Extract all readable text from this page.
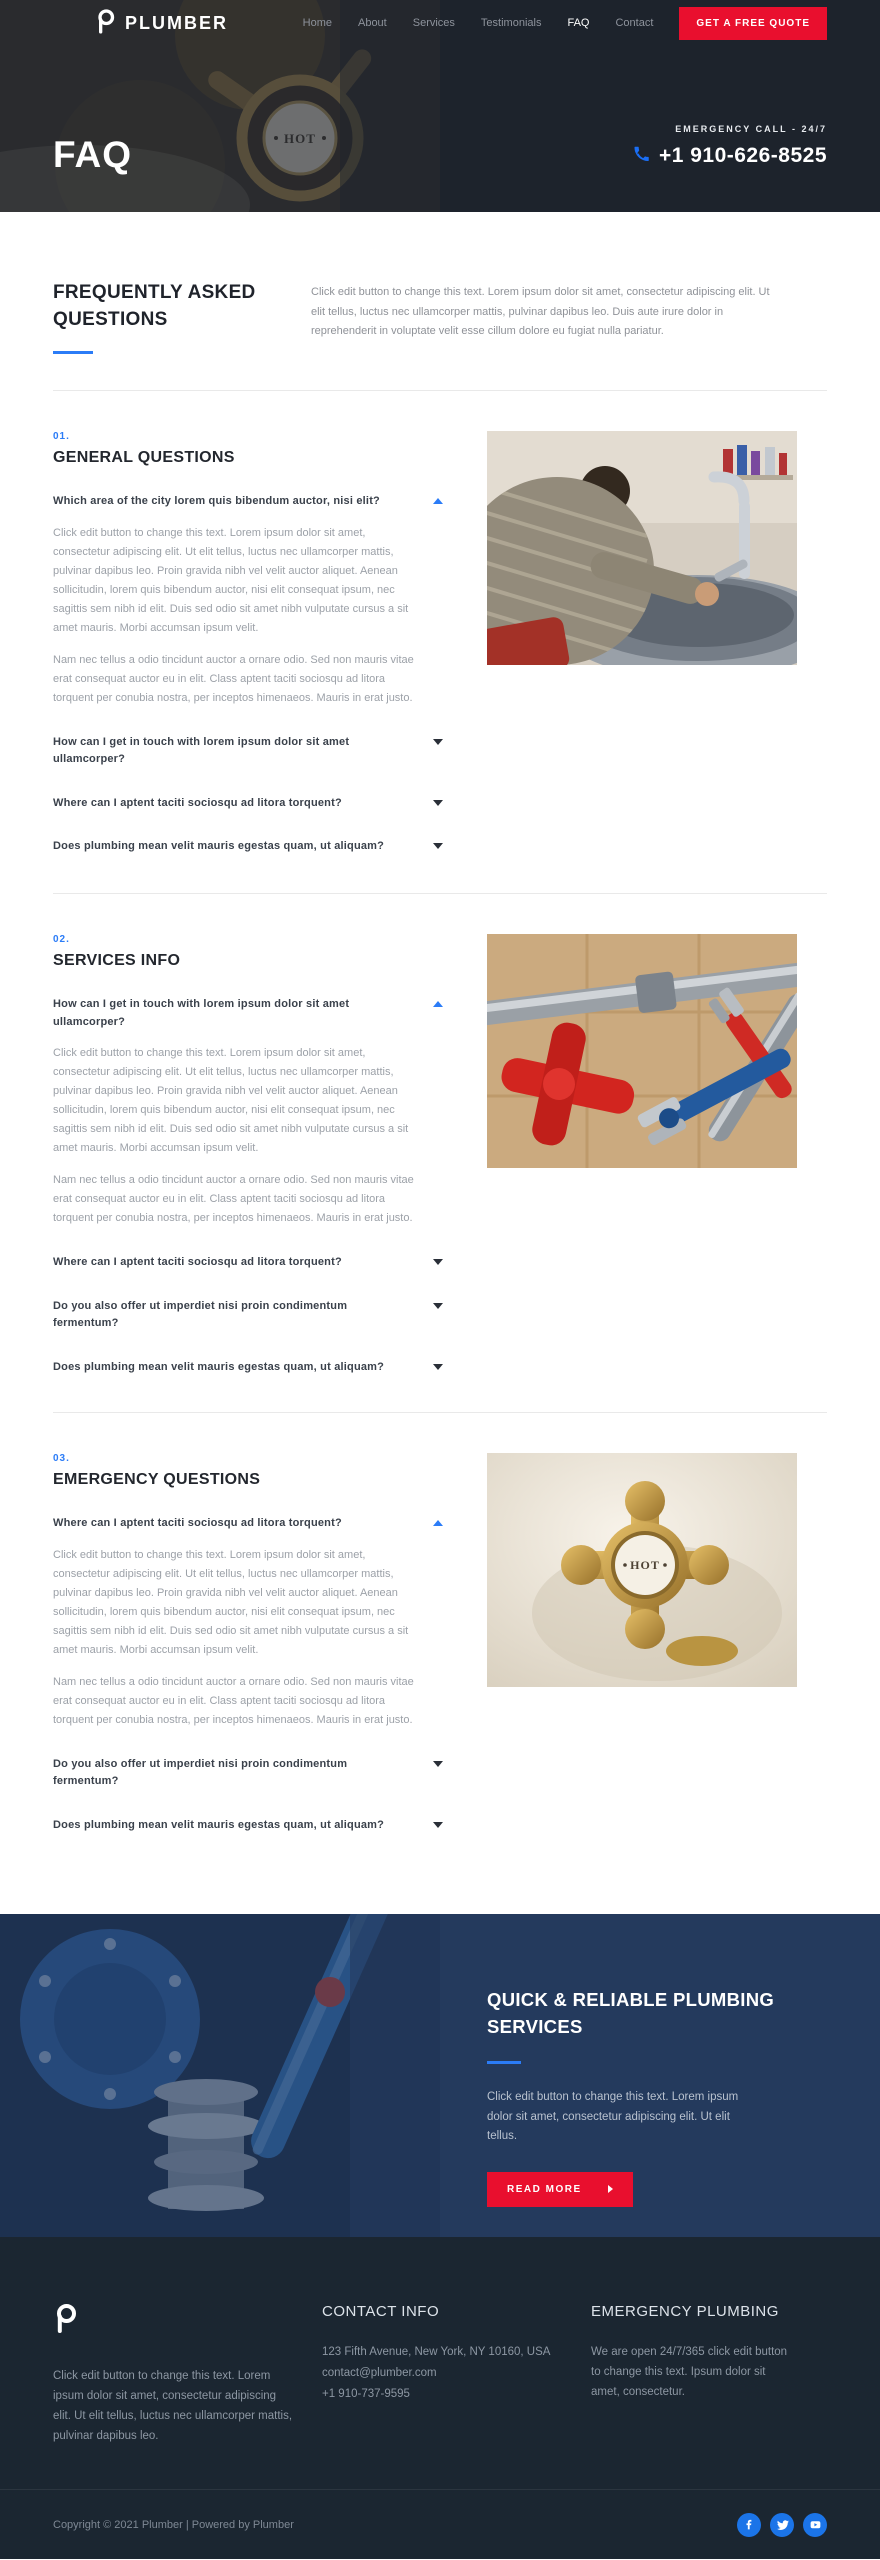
PLUMBER	Home About Services Testimonials FAQ Contact	GET A FREE QUOTE
FAQ
EMERGENCY CALL - 24/7
+1 910-626-8525
FREQUENTLY ASKED QUESTIONS

Click edit button to change this text. Lorem ipsum dolor sit amet, consectetur adipiscing elit. Ut elit tellus, luctus nec ullamcorper mattis, pulvinar dapibus leo. Duis aute irure dolor in reprehenderit in voluptate velit esse cillum dolore eu fugiat nulla pariatur.

01.
GENERAL QUESTIONS
Which area of the city lorem quis bibendum auctor, nisi elit?

Click edit button to change this text. Lorem ipsum dolor sit amet, consectetur adipiscing elit. Ut elit tellus, luctus nec ullamcorper mattis, pulvinar dapibus leo. Proin gravida nibh vel velit auctor aliquet. Aenean sollicitudin, lorem quis bibendum auctor, nisi elit consequat ipsum, nec sagittis sem nibh id elit. Duis sed odio sit amet nibh vulputate cursus a sit amet mauris. Morbi accumsan ipsum velit.

Nam nec tellus a odio tincidunt auctor a ornare odio. Sed non mauris vitae erat consequat auctor eu in elit. Class aptent taciti sociosqu ad litora torquent per conubia nostra, per inceptos himenaeos. Mauris in erat justo.

How can I get in touch with lorem ipsum dolor sit amet ullamcorper?
Where can I aptent taciti sociosqu ad litora torquent?
Does plumbing mean velit mauris egestas quam, ut aliquam?
02.
SERVICES INFO
How can I get in touch with lorem ipsum dolor sit amet ullamcorper?

Click edit button to change this text. Lorem ipsum dolor sit amet, consectetur adipiscing elit. Ut elit tellus, luctus nec ullamcorper mattis, pulvinar dapibus leo. Proin gravida nibh vel velit auctor aliquet. Aenean sollicitudin, lorem quis bibendum auctor, nisi elit consequat ipsum, nec sagittis sem nibh id elit. Duis sed odio sit amet nibh vulputate cursus a sit amet mauris. Morbi accumsan ipsum velit.

Nam nec tellus a odio tincidunt auctor a ornare odio. Sed non mauris vitae erat consequat auctor eu in elit. Class aptent taciti sociosqu ad litora torquent per conubia nostra, per inceptos himenaeos. Mauris in erat justo.

Where can I aptent taciti sociosqu ad litora torquent?
Do you also offer ut imperdiet nisi proin condimentum fermentum?
Does plumbing mean velit mauris egestas quam, ut aliquam?
03.
EMERGENCY QUESTIONS
Where can I aptent taciti sociosqu ad litora torquent?

Click edit button to change this text. Lorem ipsum dolor sit amet, consectetur adipiscing elit. Ut elit tellus, luctus nec ullamcorper mattis, pulvinar dapibus leo. Proin gravida nibh vel velit auctor aliquet. Aenean sollicitudin, lorem quis bibendum auctor, nisi elit consequat ipsum, nec sagittis sem nibh id elit. Duis sed odio sit amet nibh vulputate cursus a sit amet mauris. Morbi accumsan ipsum velit.

Nam nec tellus a odio tincidunt auctor a ornare odio. Sed non mauris vitae erat consequat auctor eu in elit. Class aptent taciti sociosqu ad litora torquent per conubia nostra, per inceptos himenaeos. Mauris in erat justo.

Do you also offer ut imperdiet nisi proin condimentum fermentum?
Does plumbing mean velit mauris egestas quam, ut aliquam?
HOT
QUICK & RELIABLE PLUMBING SERVICES

Click edit button to change this text. Lorem ipsum dolor sit amet, consectetur adipiscing elit. Ut elit tellus.

READ MORE

Click edit button to change this text. Lorem ipsum dolor sit amet, consectetur adipiscing elit. Ut elit tellus, luctus nec ullamcorper mattis, pulvinar dapibus leo.

CONTACT INFO
123 Fifth Avenue, New York, NY 10160, USA
contact@plumber.com
+1 910-737-9595
EMERGENCY PLUMBING

We are open 24/7/365 click edit button to change this text. Ipsum dolor sit amet, consectetur.

Copyright © 2021 Plumber | Powered by Plumber
